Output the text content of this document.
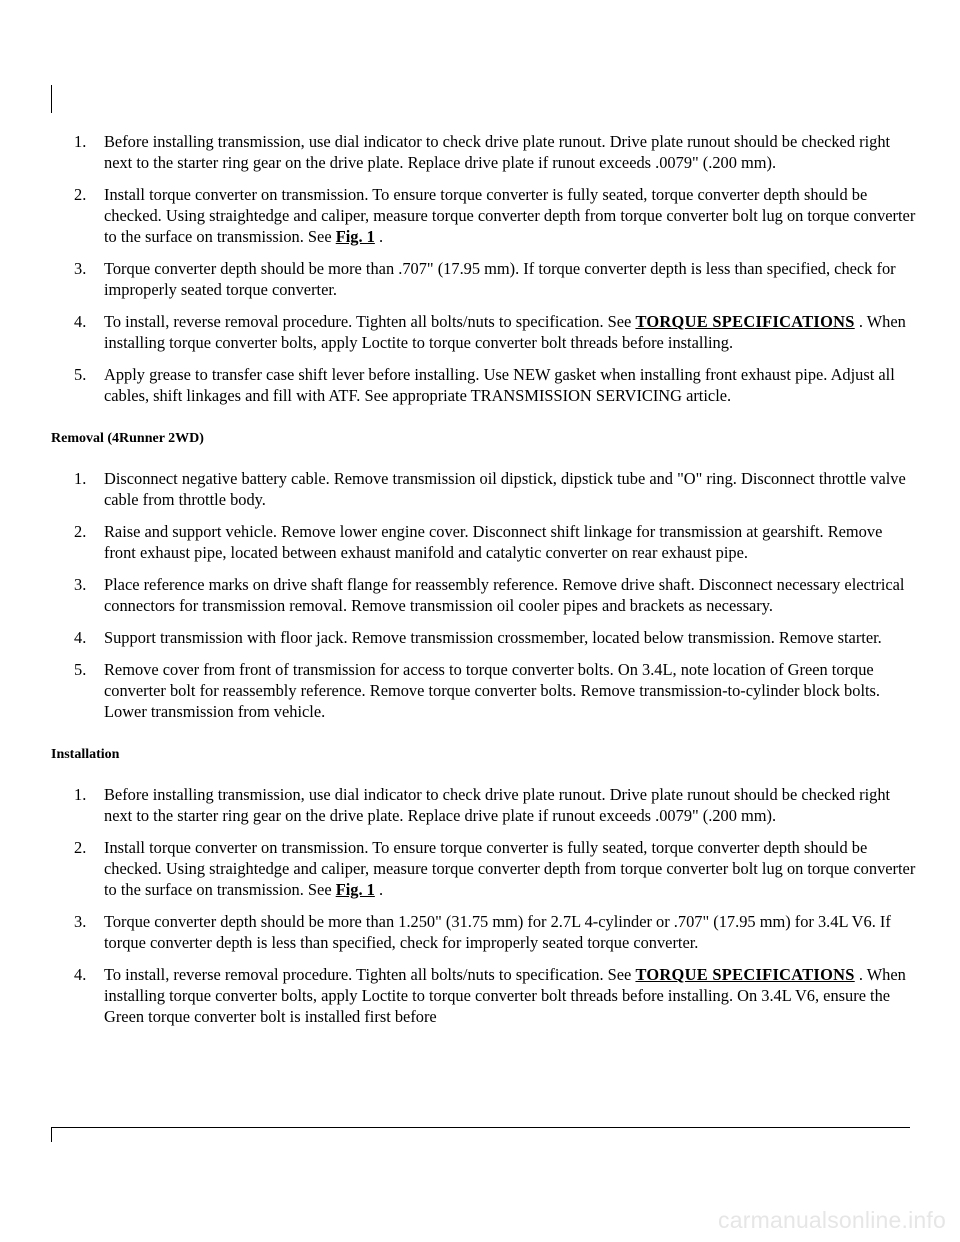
1. Before installing transmission, use dial indicator to check drive plate runout. Drive plate runout should be checked right next to the starter ring gear on the drive plate. Replace drive plate if runout exceeds .0079" (.200 mm).
2. Install torque converter on transmission. To ensure torque converter is fully seated, torque converter depth should be checked. Using straightedge and caliper, measure torque converter depth from torque converter bolt lug on torque converter to the surface on transmission. See Fig. 1 .
3. Torque converter depth should be more than .707" (17.95 mm). If torque converter depth is less than specified, check for improperly seated torque converter.
4. To install, reverse removal procedure. Tighten all bolts/nuts to specification. See TORQUE SPECIFICATIONS . When installing torque converter bolts, apply Loctite to torque converter bolt threads before installing.
5. Apply grease to transfer case shift lever before installing. Use NEW gasket when installing front exhaust pipe. Adjust all cables, shift linkages and fill with ATF. See appropriate TRANSMISSION SERVICING article.
Removal (4Runner 2WD)
1. Disconnect negative battery cable. Remove transmission oil dipstick, dipstick tube and "O" ring. Disconnect throttle valve cable from throttle body.
2. Raise and support vehicle. Remove lower engine cover. Disconnect shift linkage for transmission at gearshift. Remove front exhaust pipe, located between exhaust manifold and catalytic converter on rear exhaust pipe.
3. Place reference marks on drive shaft flange for reassembly reference. Remove drive shaft. Disconnect necessary electrical connectors for transmission removal. Remove transmission oil cooler pipes and brackets as necessary.
4. Support transmission with floor jack. Remove transmission crossmember, located below transmission. Remove starter.
5. Remove cover from front of transmission for access to torque converter bolts. On 3.4L, note location of Green torque converter bolt for reassembly reference. Remove torque converter bolts. Remove transmission-to-cylinder block bolts. Lower transmission from vehicle.
Installation
1. Before installing transmission, use dial indicator to check drive plate runout. Drive plate runout should be checked right next to the starter ring gear on the drive plate. Replace drive plate if runout exceeds .0079" (.200 mm).
2. Install torque converter on transmission. To ensure torque converter is fully seated, torque converter depth should be checked. Using straightedge and caliper, measure torque converter depth from torque converter bolt lug on torque converter to the surface on transmission. See Fig. 1 .
3. Torque converter depth should be more than 1.250" (31.75 mm) for 2.7L 4-cylinder or .707" (17.95 mm) for 3.4L V6. If torque converter depth is less than specified, check for improperly seated torque converter.
4. To install, reverse removal procedure. Tighten all bolts/nuts to specification. See TORQUE SPECIFICATIONS . When installing torque converter bolts, apply Loctite to torque converter bolt threads before installing. On 3.4L V6, ensure the Green torque converter bolt is installed first before
carmanualsonline.info
